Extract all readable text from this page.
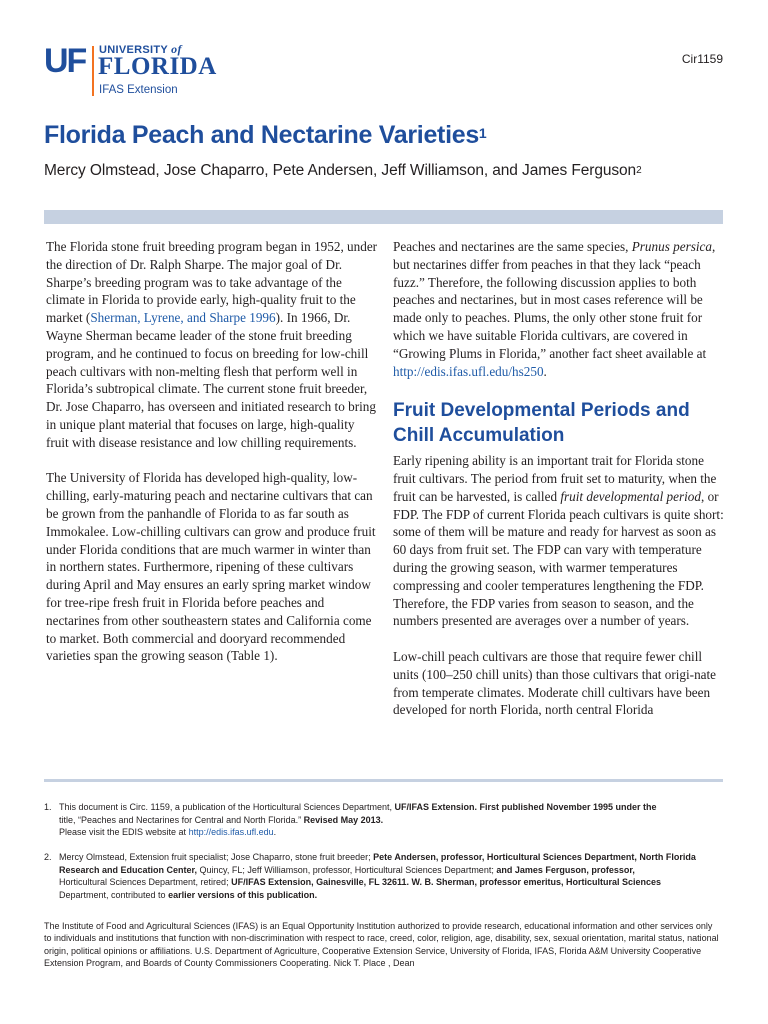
UF UNIVERSITY of
FLORIDA
IFAS Extension
Cir1159
Florida Peach and Nectarine Varieties$^1$
Mercy Olmstead, Jose Chaparro, Pete Andersen, Jeff Williamson, and James Ferguson$^2$

The Florida stone fruit breeding program began in 1952, under the direction of Dr. Ralph Sharpe. The major goal of Dr. Sharpe’s breeding program was to take advantage of the climate in Florida to provide early, high-quality fruit to the market (Sherman, Lyrene, and Sharpe 1996). In 1966, Dr. Wayne Sherman became leader of the stone fruit breeding program, and he continued to focus on breeding for low-chill peach cultivars with non-melting flesh that perform well in Florida’s subtropical climate. The current stone fruit breeder, Dr. Jose Chaparro, has overseen and initiated research to bring in unique plant material that focuses on large, high-quality fruit with disease resistance and low chilling requirements.

The University of Florida has developed high-quality, low-chilling, early-maturing peach and nectarine cultivars that can be grown from the panhandle of Florida to as far south as Immokalee. Low-chilling cultivars can grow and produce fruit under Florida conditions that are much warmer in winter than in northern states. Furthermore, ripening of these cultivars during April and May ensures an early spring market window for tree-ripe fresh fruit in Florida before peaches and nectarines from other southeastern states and California come to market. Both commercial and dooryard recommended varieties span the growing season (Table 1).

Peaches and nectarines are the same species, Prunus persica, but nectarines differ from peaches in that they lack “peach fuzz.” Therefore, the following discussion applies to both peaches and nectarines, but in most cases reference will be made only to peaches. Plums, the only other stone fruit for which we have suitable Florida cultivars, are covered in “Growing Plums in Florida,” another fact sheet available at http://edis.ifas.ufl.edu/hs250.

Fruit Developmental Periods and Chill Accumulation

Early ripening ability is an important trait for Florida stone fruit cultivars. The period from fruit set to maturity, when the fruit can be harvested, is called fruit developmental period, or FDP. The FDP of current Florida peach cultivars is quite short: some of them will be mature and ready for harvest as soon as 60 days from fruit set. The FDP can vary with temperature during the growing season, with warmer temperatures compressing and cooler temperatures lengthening the FDP. Therefore, the FDP varies from season to season, and the numbers presented are averages over a number of years.

Low-chill peach cultivars are those that require fewer chill units (100–250 chill units) than those cultivars that origi-nate from temperate climates. Moderate chill cultivars have been developed for north Florida, north central Florida

1. This document is Circ. 1159, a publication of the Horticultural Sciences Department, UF/IFAS Extension. First published November 1995 under the
title, “Peaches and Nectarines for Central and North Florida.” Revised May 2013.
Please visit the EDIS website at http://edis.ifas.ufl.edu.
2. Mercy Olmstead, Extension fruit specialist; Jose Chaparro, stone fruit breeder; Pete Andersen, professor, Horticultural Sciences Department, North Florida Research and Education Center, Quincy, FL; Jeff Williamson, professor, Horticultural Sciences Department; and James Ferguson, professor,
Horticultural Sciences Department, retired; UF/IFAS Extension, Gainesville, FL 32611. W. B. Sherman, professor emeritus, Horticultural Sciences
Department, contributed to earlier versions of this publication.
The Institute of Food and Agricultural Sciences (IFAS) is an Equal Opportunity Institution authorized to provide research, educational information and other services only to individuals and institutions that function with non-discrimination with respect to race, creed, color, religion, age, disability, sex, sexual orientation, marital status, national origin, political opinions or affiliations. U.S. Department of Agriculture, Cooperative Extension Service, University of Florida, IFAS, Florida A&M University Cooperative Extension Program, and Boards of County Commissioners Cooperating. Nick T. Place , Dean
